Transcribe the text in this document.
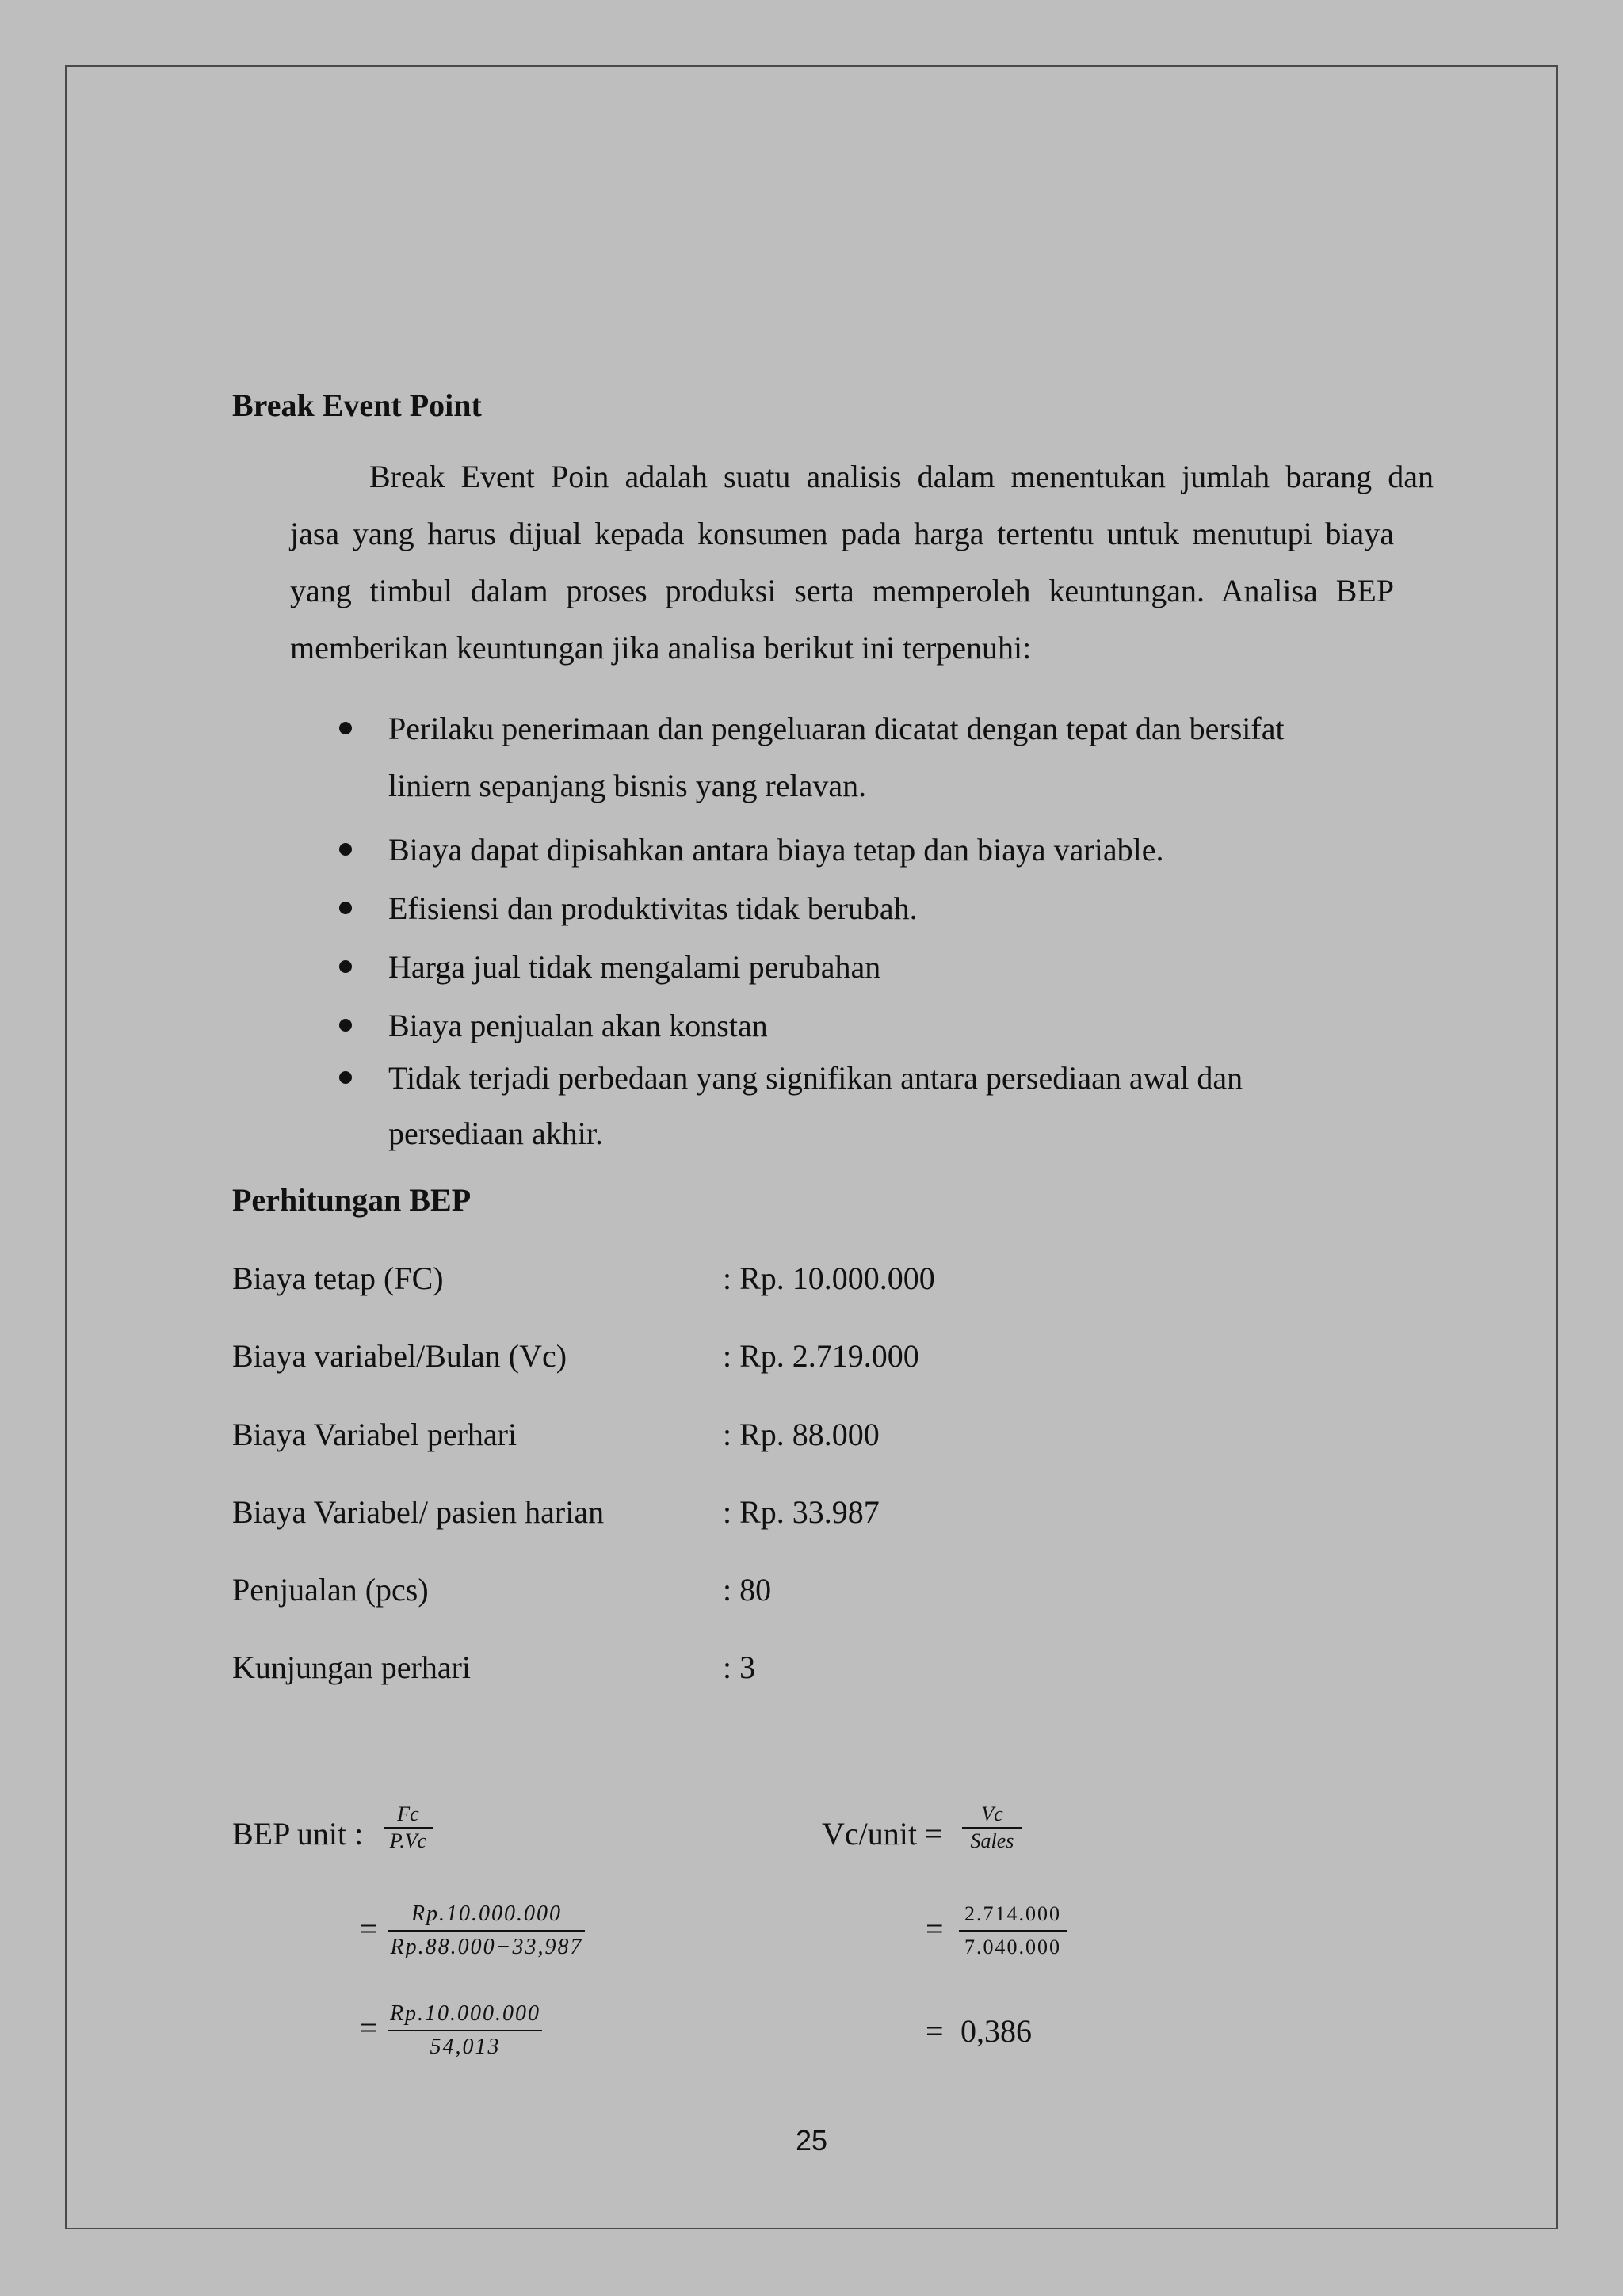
Break Event Point
Break Event Poin adalah suatu analisis dalam menentukan jumlah barang dan
jasa yang harus dijual kepada konsumen pada harga tertentu untuk menutupi biaya
yang timbul dalam proses produksi serta memperoleh keuntungan. Analisa BEP
memberikan keuntungan jika analisa berikut ini terpenuhi:
Perilaku penerimaan dan pengeluaran dicatat dengan tepat dan bersifat
liniern sepanjang bisnis yang relavan.
Biaya dapat dipisahkan antara biaya tetap dan biaya variable.
Efisiensi dan produktivitas tidak berubah.
Harga jual tidak mengalami perubahan
Biaya penjualan akan konstan
Tidak terjadi perbedaan yang signifikan antara persediaan awal dan
persediaan akhir.
Perhitungan BEP
Biaya tetap (FC)	: Rp. 10.000.000
Biaya variabel/Bulan (Vc)	: Rp. 2.719.000
Biaya Variabel perhari	: Rp. 88.000
Biaya Variabel/ pasien harian	: Rp. 33.987
Penjualan (pcs)	: 80
Kunjungan perhari	: 3
BEP unit :
Fc
P.Vc
=	Rp.10.000.000
Rp.88.000−33,987
= Rp.10.000.000
54,013
Vc/unit =
Vc
Sales
= 2.714.000
7.040.000
= 0,386
25
